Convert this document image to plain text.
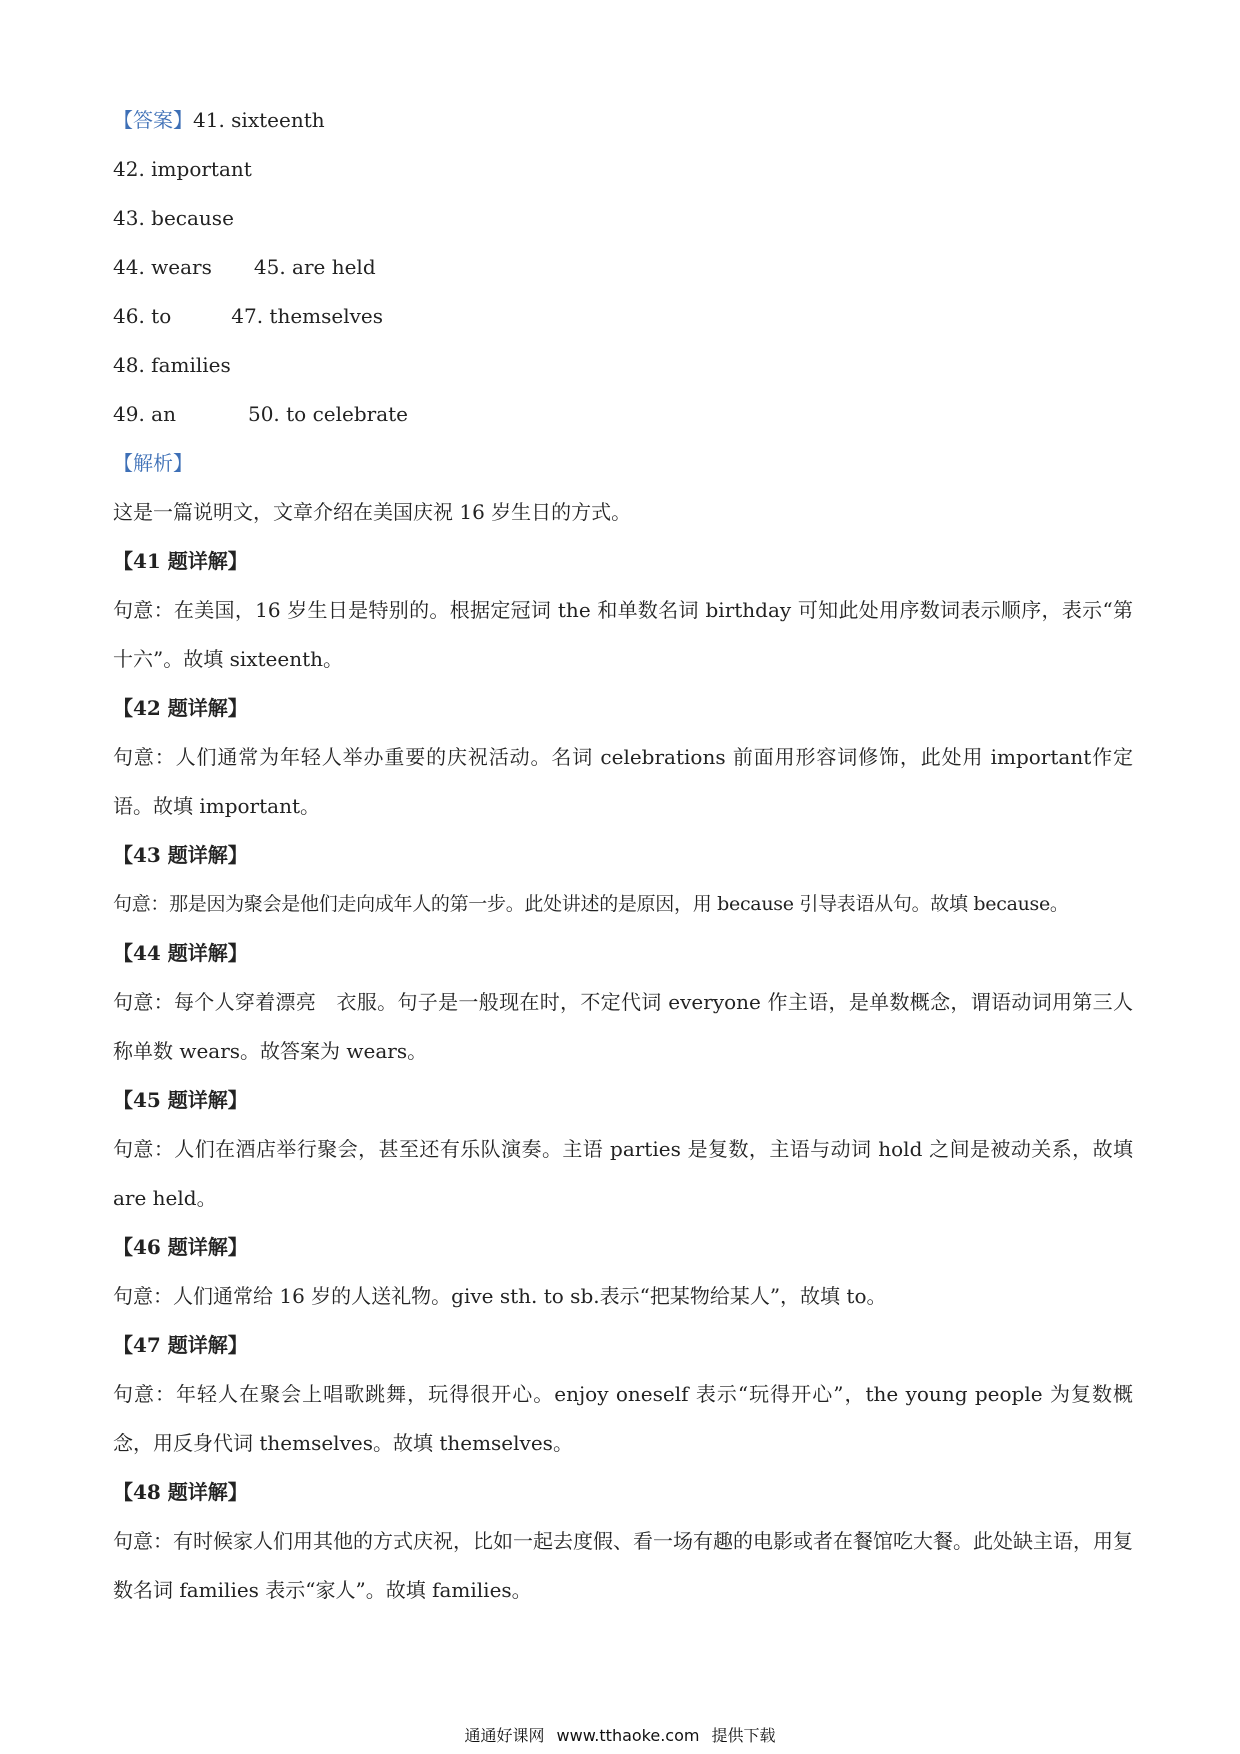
【答案】41. sixteenth
42. important
43. because
44. wears 45. are held
46. to	47. themselves
48. families
49. an	50. to celebrate
【解析】
这是一篇说明文，文章介绍在美国庆祝 16 岁生日的方式。
【41 题详解】
句意：在美国，16 岁生日是特别的。根据定冠词 the 和单数名词 birthday 可知此处用序数词表示顺序，表示“第十六”。故填 sixteenth。
【42 题详解】
句意：人们通常为年轻人举办重要的庆祝活动。名词 celebrations 前面用形容词修饰，此处用 important作定语。故填 important。
【43 题详解】
句意：那是因为聚会是他们走向成年人的第一步。此处讲述的是原因，用 because 引导表语从句。故填 because。
【44 题详解】
句意：每个人穿着漂亮　衣服。句子是一般现在时，不定代词 everyone 作主语，是单数概念，谓语动词用第三人称单数 wears。故答案为 wears。
【45 题详解】
句意：人们在酒店举行聚会，甚至还有乐队演奏。主语 parties 是复数，主语与动词 hold 之间是被动关系，故填 are held。
【46 题详解】
句意：人们通常给 16 岁的人送礼物。give sth. to sb.表示“把某物给某人”，故填 to。
【47 题详解】
句意：年轻人在聚会上唱歌跳舞，玩得很开心。enjoy oneself 表示“玩得开心”，the young people 为复数概念，用反身代词 themselves。故填 themselves。
【48 题详解】
句意：有时候家人们用其他的方式庆祝，比如一起去度假、看一场有趣的电影或者在餐馆吃大餐。此处缺主语，用复数名词 families 表示“家人”。故填 families。
通通好课网 www.tthaoke.com 提供下载
